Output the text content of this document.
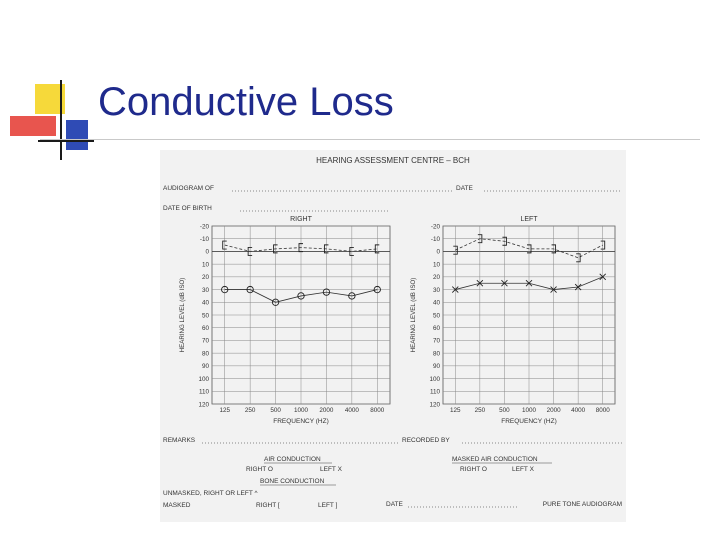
Conductive Loss
HEARING ASSESSMENT CENTRE – BCH
AUDIOGRAM OF	DATE
DATE OF BIRTH
-20
-10
0
10
20
30
40
50
60
70
80
90
100
110
120
125 250 500 1000 2000 4000 8000
RIGHT
FREQUENCY (HZ)
HEARING LEVEL (dB ISO)
-20
-10
0
10
20
30
40
50
60
70
80
90
100
110
120
125 250 500 1000 2000 4000 8000
LEFT
FREQUENCY (HZ)
HEARING LEVEL (dB ISO)
REMARKS	RECORDED BY
AIR CONDUCTION
RIGHT O	LEFT X
MASKED AIR CONDUCTION
RIGHT O	LEFT X
BONE CONDUCTION
UNMASKED, RIGHT OR LEFT ^
MASKED	RIGHT [	LEFT ]	DATE	PURE TONE AUDIOGRAM
